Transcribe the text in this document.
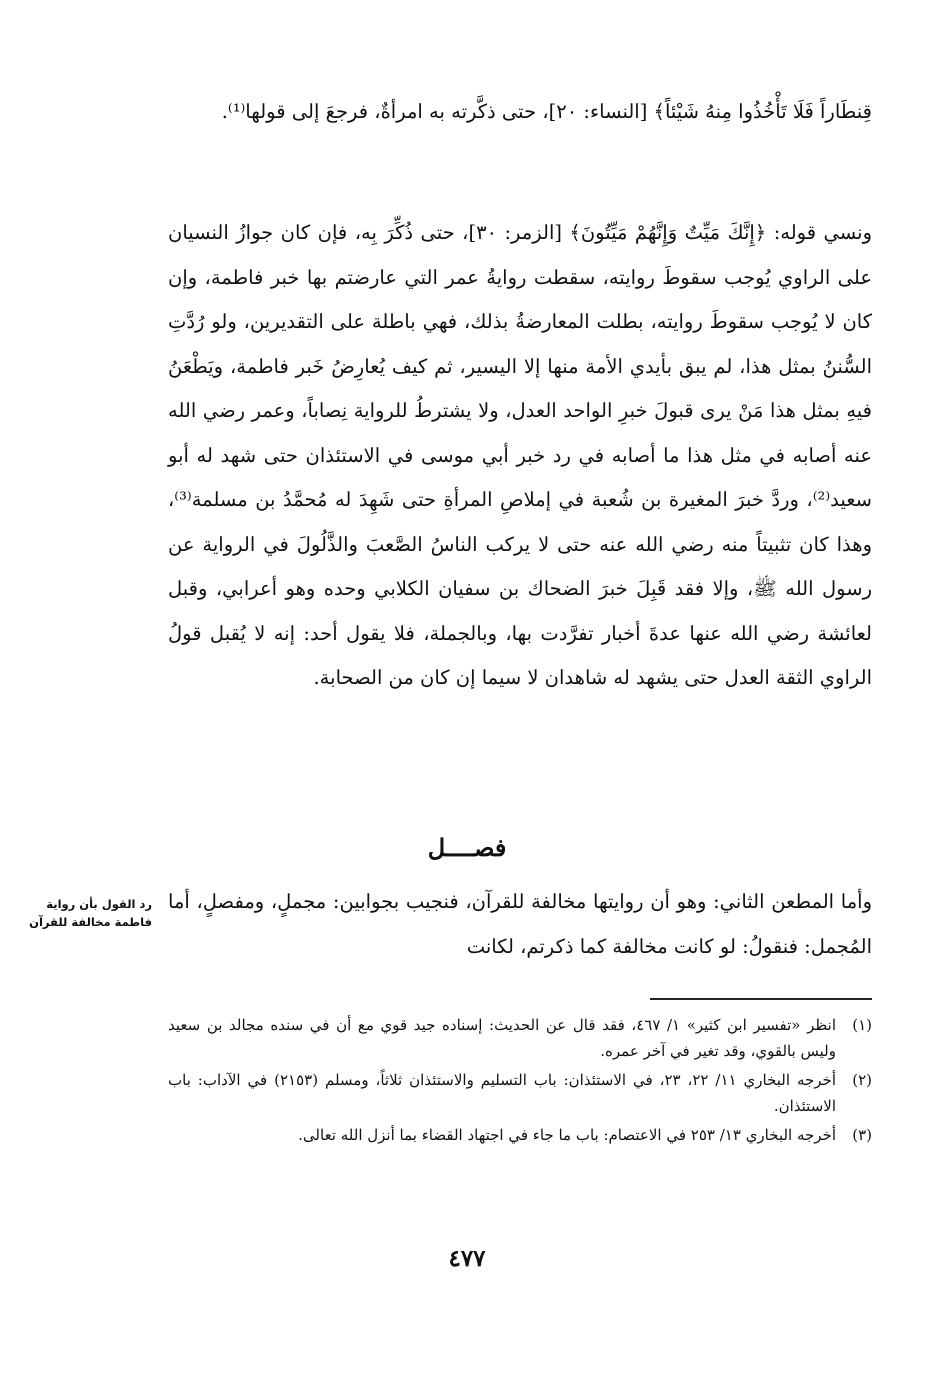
قِنطَاراً فَلَا تَأْخُذُوا مِنهُ شَيْئاً﴾ [النساء: ٢٠]، حتى ذكَّرته به امرأةٌ، فرجعَ إلى قولها⁽¹⁾.

ونسي قوله: ﴿إِنَّكَ مَيِّتٌ وَإِنَّهُمْ مَيِّتُونَ﴾ [الزمر: ٣٠]، حتى ذُكِّرَ بِه، فإن كان جوازُ النسيان على الراوي يُوجب سقوطَ روايته، سقطت روايةُ عمر التي عارضتم بها خبر فاطمة، وإن كان لا يُوجب سقوطَ روايته، بطلت المعارضةُ بذلك، فهي باطلة على التقديرين، ولو رُدَّتِ السُّننُ بمثل هذا، لم يبق بأيدي الأمة منها إلا اليسير، ثم كيف يُعارِضُ خَبر فاطمة، ويَطْعَنُ فيهِ بمثل هذا مَنْ يرى قبولَ خبرِ الواحد العدل، ولا يشترطُ للرواية نِصاباً، وعمر رضي الله عنه أصابه في مثل هذا ما أصابه في رد خبر أبي موسى في الاستئذان حتى شهد له أبو سعيد⁽²⁾، وردَّ خبرَ المغيرة بن شُعبة في إملاصِ المرأةِ حتى شَهِدَ له مُحمَّدُ بن مسلمة⁽³⁾، وهذا كان تثبيتاً منه رضي الله عنه حتى لا يركب الناسُ الصَّعبَ والذَّلُولَ في الرواية عن رسول الله ﷺ، وإلا فقد قَبِلَ خبرَ الضحاك بن سفيان الكلابي وحده وهو أعرابي، وقبل لعائشة رضي الله عنها عدةَ أخبار تفرَّدت بها، وبالجملة، فلا يقول أحد: إنه لا يُقبل قولُ الراوي الثقة العدل حتى يشهد له شاهدان لا سيما إن كان من الصحابة.

فصــــل

وأما المطعن الثاني: وهو أن روايتها مخالفة للقرآن، فنجيب بجوابين: مجملٍ، ومفصلٍ، أما المُجمل: فنقولُ: لو كانت مخالفة كما ذكرتم، لكانت

رد القول بأن رواية فاطمة مخالفة للقرآن
(١)
انظر «تفسير ابن كثير» ١/ ٤٦٧، فقد قال عن الحديث: إسناده جيد قوي مع أن في سنده مجالد بن سعيد وليس بالقوي، وقد تغير في آخر عمره.
(٢)
أخرجه البخاري ١١/ ٢٢، ٢٣، في الاستئذان: باب التسليم والاستئذان ثلاثاً، ومسلم (٢١٥٣) في الآداب: باب الاستئذان.
(٣)
أخرجه البخاري ١٣/ ٢٥٣ في الاعتصام: باب ما جاء في اجتهاد القضاء بما أنزل الله تعالى.
٤٧٧
